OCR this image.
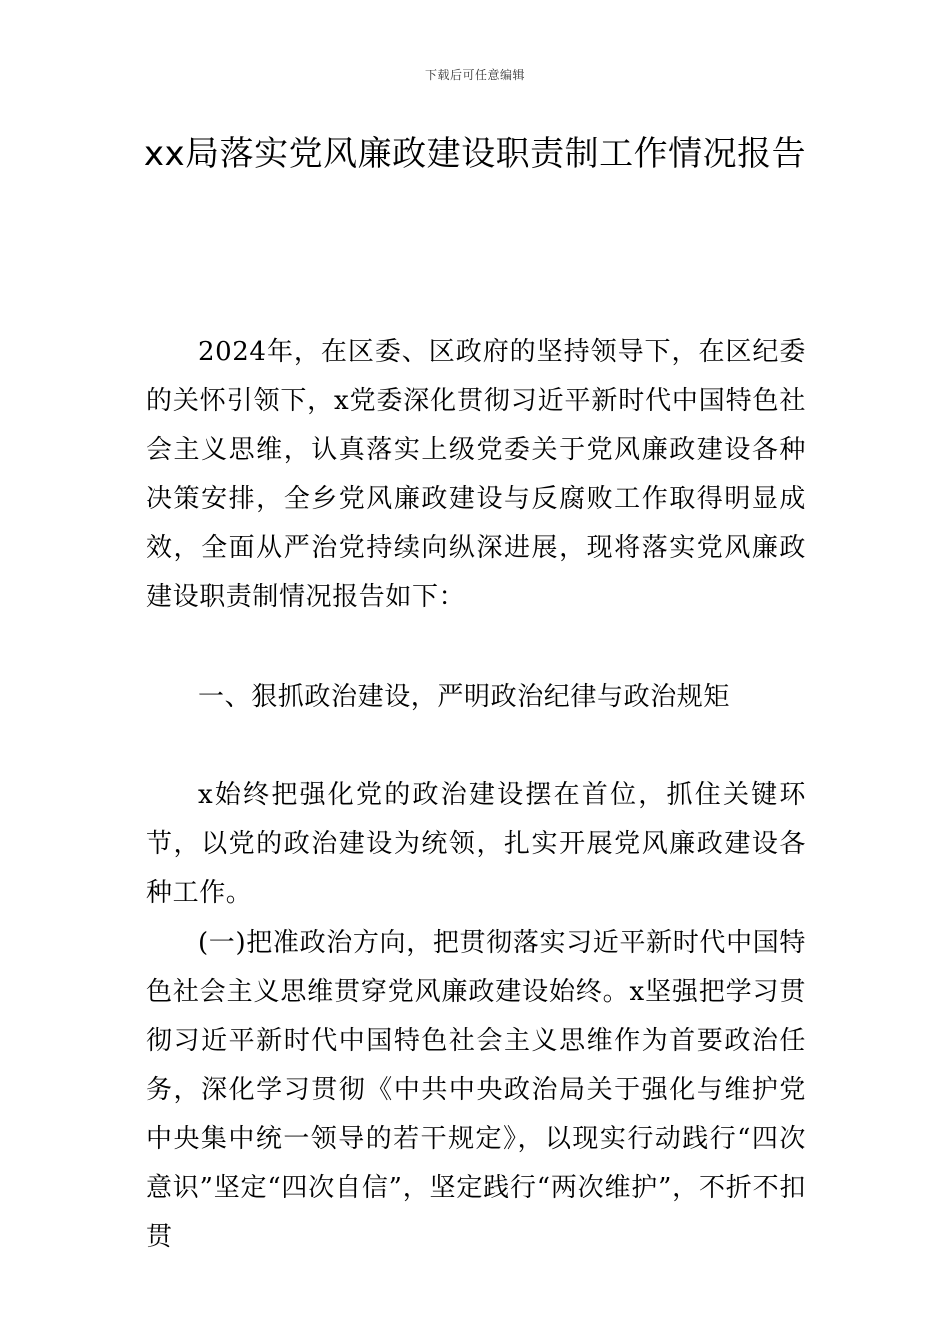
下载后可任意编辑
xx局落实党风廉政建设职责制工作情况报告

2024年，在区委、区政府的坚持领导下，在区纪委的关怀引领下，x党委深化贯彻习近平新时代中国特色社会主义思维，认真落实上级党委关于党风廉政建设各种决策安排，全乡党风廉政建设与反腐败工作取得明显成效，全面从严治党持续向纵深进展，现将落实党风廉政建设职责制情况报告如下：

一、狠抓政治建设，严明政治纪律与政治规矩

x始终把强化党的政治建设摆在首位，抓住关键环节，以党的政治建设为统领，扎实开展党风廉政建设各种工作。

(一)把准政治方向，把贯彻落实习近平新时代中国特色社会主义思维贯穿党风廉政建设始终。x坚强把学习贯彻习近平新时代中国特色社会主义思维作为首要政治任务，深化学习贯彻《中共中央政治局关于强化与维护党中央集中统一领导的若干规定》，以现实行动践行“四次意识”坚定“四次自信”，坚定践行“两次维护”，不折不扣贯
